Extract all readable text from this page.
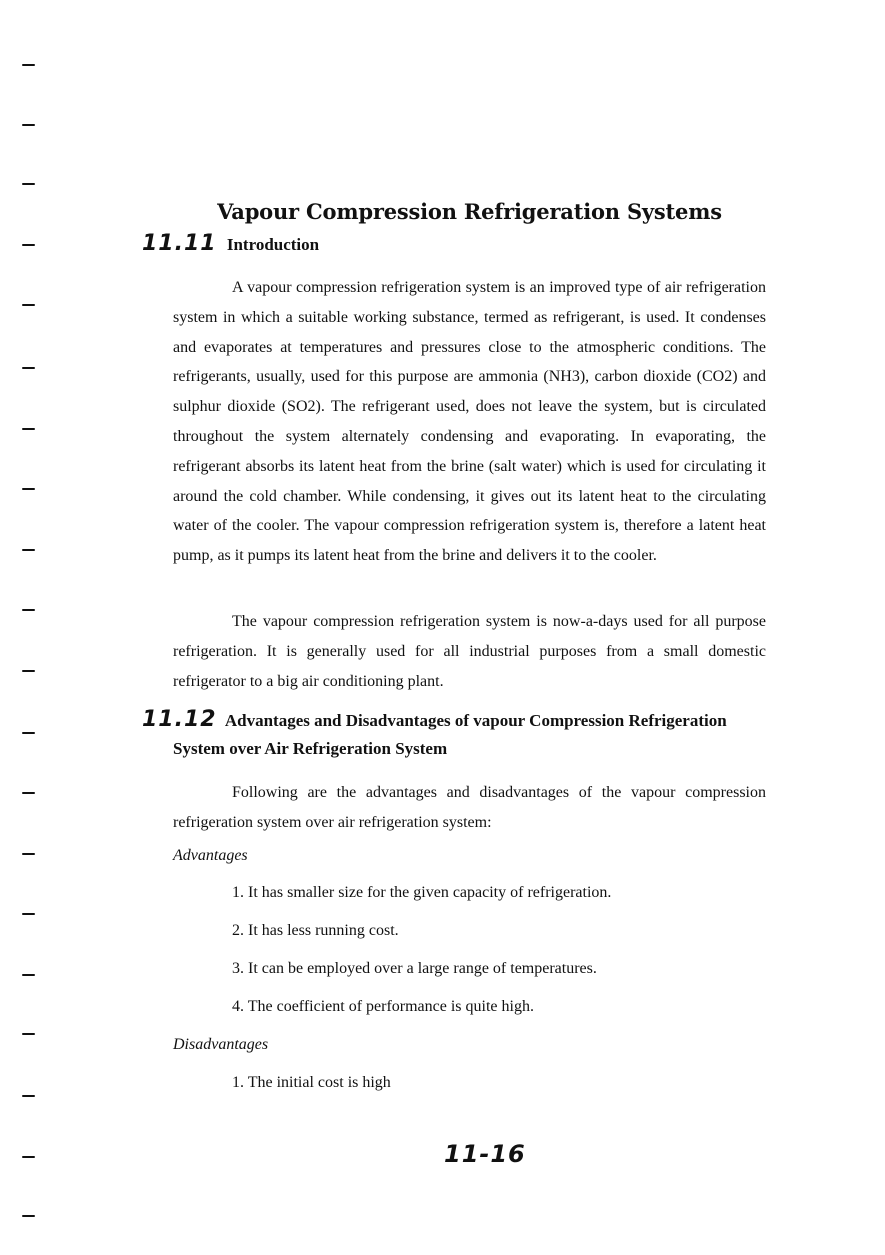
Vapour Compression Refrigeration Systems
11.11 Introduction

A vapour compression refrigeration system is an improved type of air refrigeration system in which a suitable working substance, termed as refrigerant, is used. It condenses and evaporates at temperatures and pressures close to the atmospheric conditions. The refrigerants, usually, used for this purpose are ammonia (NH3), carbon dioxide (CO2) and sulphur dioxide (SO2). The refrigerant used, does not leave the system, but is circulated throughout the system alternately condensing and evaporating. In evaporating, the refrigerant absorbs its latent heat from the brine (salt water) which is used for circulating it around the cold chamber. While condensing, it gives out its latent heat to the circulating water of the cooler. The vapour compression refrigeration system is, therefore a latent heat pump, as it pumps its latent heat from the brine and delivers it to the cooler.

The vapour compression refrigeration system is now-a-days used for all purpose refrigeration. It is generally used for all industrial purposes from a small domestic refrigerator to a big air conditioning plant.

11.12 Advantages and Disadvantages of vapour Compression Refrigeration
System over Air Refrigeration System

Following are the advantages and disadvantages of the vapour compression refrigeration system over air refrigeration system:

Advantages
1. It has smaller size for the given capacity of refrigeration.
2. It has less running cost.
3. It can be employed over a large range of temperatures.
4. The coefficient of performance is quite high.
Disadvantages
1. The initial cost is high
11-16
